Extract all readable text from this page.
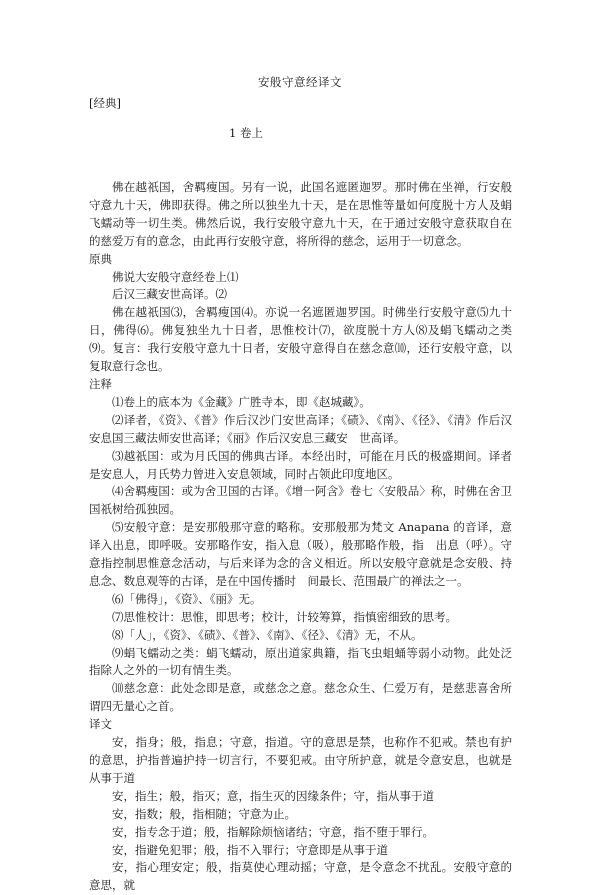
安般守意经译文
[经典]
1 卷上

佛在越祇国，舍羁瘦国。另有一说，此国名遮匿迦罗。那时佛在坐禅，行安般守意九十天，佛即获得。佛之所以独坐九十天，是在思惟等量如何度脱十方人及蜎飞蠕动等一切生类。佛然后说，我行安般守意九十天，在于通过安般守意获取自在的慈爱万有的意念，由此再行安般守意，将所得的慈念，运用于一切意念。

原典

佛说大安般守意经卷上⑴

后汉三藏安世高译。⑵

佛在越祇国⑶，舍羁瘦国⑷。亦说一名遮匿迦罗国。时佛坐行安般守意⑸九十日，佛得⑹。佛复独坐九十日者，思惟校计⑺，欲度脱十方人⑻及蜎飞蠕动之类⑼。复言：我行安般守意九十日者，安般守意得自在慈念意⑽，还行安般守意，以复取意行念也。

注释

⑴卷上的底本为《金藏》广胜寺本，即《赵城藏》。

⑵译者，《资》、《普》作后汉沙门安世高译；《碛》、《南》、《径》、《清》作后汉安息国三藏法师安世高译；《丽》作后汉安息三藏安　世高译。

⑶越祇国：或为月氏国的佛典古译。本经出时，可能在月氏的极盛期间。译者是安息人，月氏势力曾进入安息领域，同时占领此印度地区。

⑷舍羁瘦国：或为舍卫国的古译。《增一阿含》卷七〈安般品〉称，时佛在舍卫国祇树给孤独园。

⑸安般守意：是安那般那守意的略称。安那般那为梵文 Anapana 的音译，意译入出息，即呼吸。安那略作安，指入息（吸），般那略作般，指　出息（呼）。守意指控制思惟意念活动，与后来译为念的含义相近。所以安般守意就是念安般、持息念、数息观等的古译，是在中国传播时　间最长、范围最广的禅法之一。

⑹「佛得」，《资》、《丽》无。

⑺思惟校计：思惟，即思考；校计，计较筹算，指慎密细致的思考。

⑻「人」，《资》、《碛》、《普》、《南》、《径》、《清》无，不从。

⑼蜎飞蠕动之类：蜎飞蠕动，原出道家典籍，指飞虫蛆蛹等弱小动物。此处泛指除人之外的一切有情生类。

⑽慈念意：此处念即是意，或慈念之意。慈念众生、仁爱万有，是慈悲喜舍所谓四无量心之首。

译文

安，指身；般，指息；守意，指道。守的意思是禁，也称作不犯戒。禁也有护的意思，护指普遍护持一切言行，不要犯戒。由守所护意，就是令意安息，也就是从事于道

安，指生；般，指灭；意，指生灭的因缘条件；守，指从事于道

安，指数；般，指相随；守意为止。

安，指专念于道；般，指解除烦恼诸结；守意，指不堕于罪行。

安，指避免犯罪；般，指不入罪行；守意即是从事于道

安，指心理安定；般，指莫使心理动摇；守意，是令意念不扰乱。安般守意的意思，就
